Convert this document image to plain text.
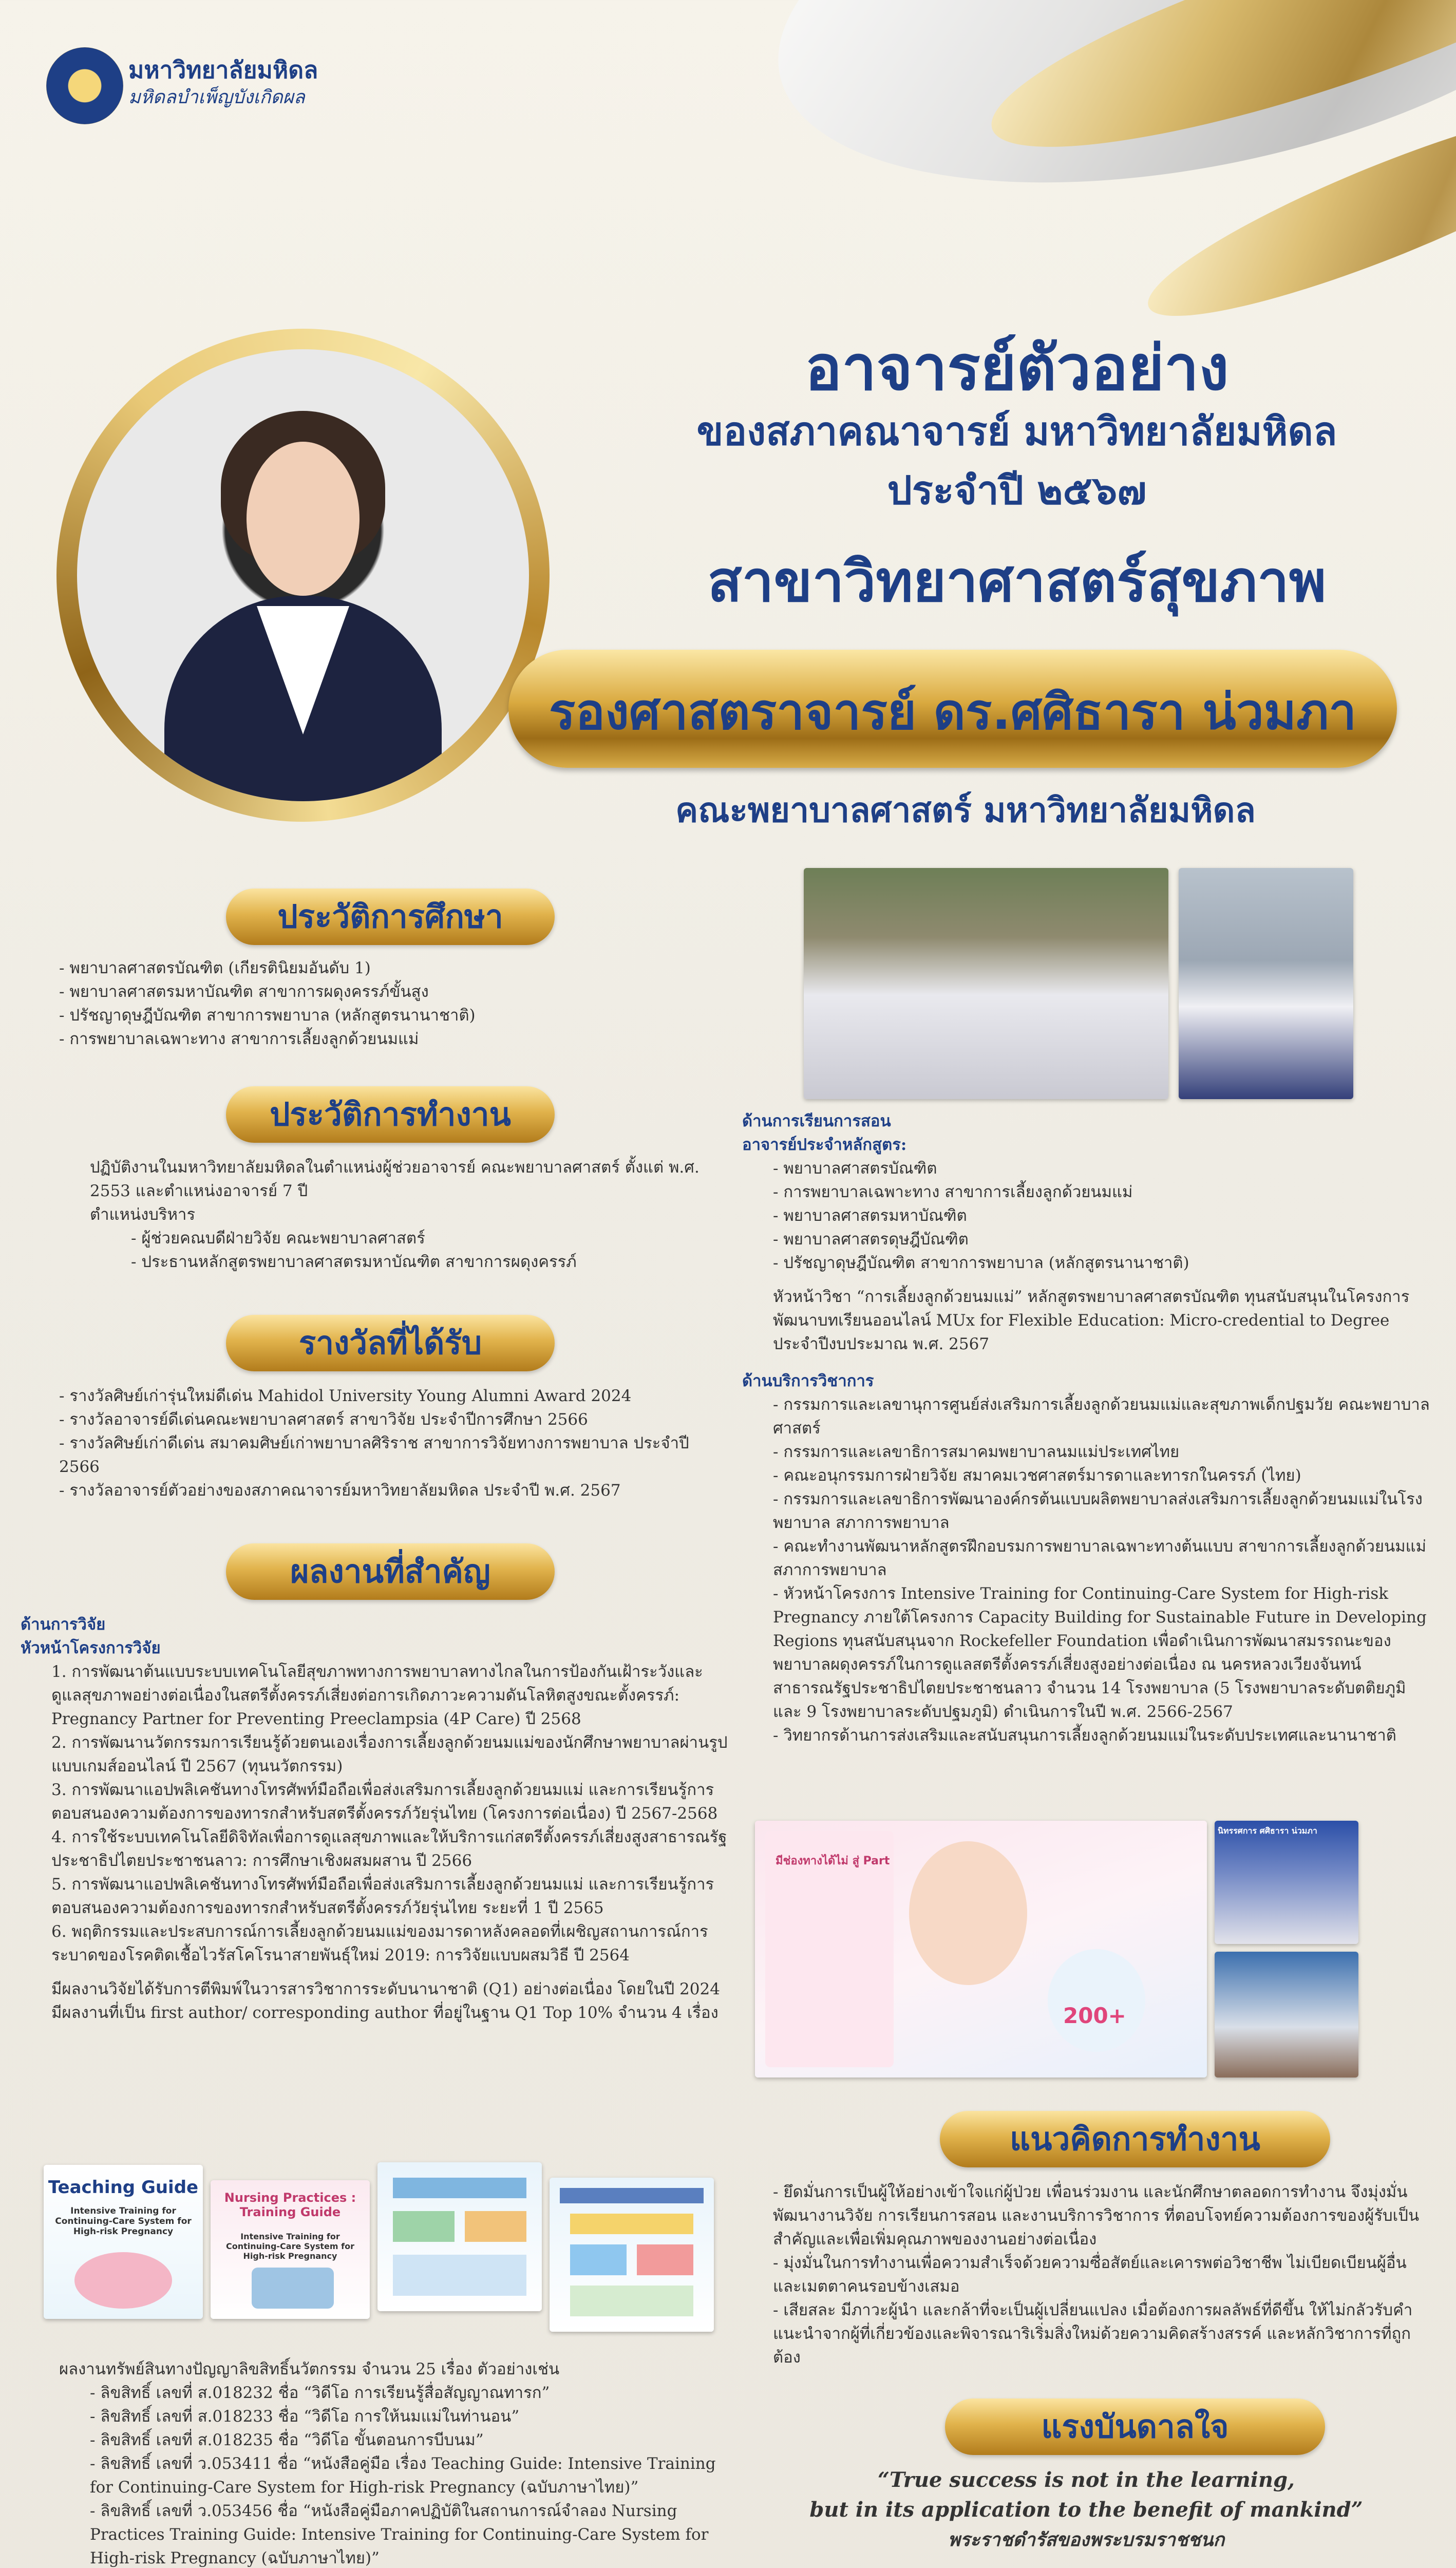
มหาวิทยาลัยมหิดล
มหิดลบำเพ็ญบังเกิดผล
อาจารย์ตัวอย่าง
ของสภาคณาจารย์ มหาวิทยาลัยมหิดล
ประจำปี ๒๕๖๗
สาขาวิทยาศาสตร์สุขภาพ
รองศาสตราจารย์ ดร.ศศิธารา น่วมภา
คณะพยาบาลศาสตร์ มหาวิทยาลัยมหิดล
ประวัติการศึกษา

- พยาบาลศาสตรบัณฑิต (เกียรตินิยมอันดับ 1)

- พยาบาลศาสตรมหาบัณฑิต สาขาการผดุงครรภ์ขั้นสูง

- ปรัชญาดุษฎีบัณฑิต สาขาการพยาบาล (หลักสูตรนานาชาติ)

- การพยาบาลเฉพาะทาง สาขาการเลี้ยงลูกด้วยนมแม่

ประวัติการทำงาน

ปฏิบัติงานในมหาวิทยาลัยมหิดลในตำแหน่งผู้ช่วยอาจารย์ คณะพยาบาลศาสตร์ ตั้งแต่ พ.ศ. 2553 และตำแหน่งอาจารย์ 7 ปี

ตำแหน่งบริหาร

- ผู้ช่วยคณบดีฝ่ายวิจัย คณะพยาบาลศาสตร์

- ประธานหลักสูตรพยาบาลศาสตรมหาบัณฑิต สาขาการผดุงครรภ์

รางวัลที่ได้รับ

- รางวัลศิษย์เก่ารุ่นใหม่ดีเด่น Mahidol University Young Alumni Award 2024

- รางวัลอาจารย์ดีเด่นคณะพยาบาลศาสตร์ สาขาวิจัย ประจำปีการศึกษา 2566

- รางวัลศิษย์เก่าดีเด่น สมาคมศิษย์เก่าพยาบาลศิริราช สาขาการวิจัยทางการพยาบาล ประจำปี 2566

- รางวัลอาจารย์ตัวอย่างของสภาคณาจารย์มหาวิทยาลัยมหิดล ประจำปี พ.ศ. 2567

ผลงานที่สำคัญ

ด้านการวิจัย

หัวหน้าโครงการวิจัย

1. การพัฒนาต้นแบบระบบเทคโนโลยีสุขภาพทางการพยาบาลทางไกลในการป้องกันเฝ้าระวังและดูแลสุขภาพอย่างต่อเนื่องในสตรีตั้งครรภ์เสี่ยงต่อการเกิดภาวะความดันโลหิตสูงขณะตั้งครรภ์: Pregnancy Partner for Preventing Preeclampsia (4P Care) ปี 2568

2. การพัฒนานวัตกรรมการเรียนรู้ด้วยตนเองเรื่องการเลี้ยงลูกด้วยนมแม่ของนักศึกษาพยาบาลผ่านรูปแบบเกมส์ออนไลน์ ปี 2567 (ทุนนวัตกรรม)

3. การพัฒนาแอปพลิเคชันทางโทรศัพท์มือถือเพื่อส่งเสริมการเลี้ยงลูกด้วยนมแม่ และการเรียนรู้การตอบสนองความต้องการของทารกสำหรับสตรีตั้งครรภ์วัยรุ่นไทย (โครงการต่อเนื่อง) ปี 2567-2568

4. การใช้ระบบเทคโนโลยีดิจิทัลเพื่อการดูแลสุขภาพและให้บริการแก่สตรีตั้งครรภ์เสี่ยงสูงสาธารณรัฐประชาธิปไตยประชาชนลาว: การศึกษาเชิงผสมผสาน ปี 2566

5. การพัฒนาแอปพลิเคชันทางโทรศัพท์มือถือเพื่อส่งเสริมการเลี้ยงลูกด้วยนมแม่ และการเรียนรู้การตอบสนองความต้องการของทารกสำหรับสตรีตั้งครรภ์วัยรุ่นไทย ระยะที่ 1 ปี 2565

6. พฤติกรรมและประสบการณ์การเลี้ยงลูกด้วยนมแม่ของมารดาหลังคลอดที่เผชิญสถานการณ์การระบาดของโรคติดเชื้อไวรัสโคโรนาสายพันธุ์ใหม่ 2019: การวิจัยแบบผสมวิธี ปี 2564

มีผลงานวิจัยได้รับการตีพิมพ์ในวารสารวิชาการระดับนานาชาติ (Q1) อย่างต่อเนื่อง โดยในปี 2024 มีผลงานที่เป็น first author/ corresponding author ที่อยู่ในฐาน Q1 Top 10% จำนวน 4 เรื่อง

Teaching Guide
Intensive Training for Continuing-Care System for High-risk Pregnancy
Nursing Practices : Training Guide
Intensive Training for Continuing-Care System for High-risk Pregnancy

ผลงานทรัพย์สินทางปัญญาลิขสิทธิ์นวัตกรรม จำนวน 25 เรื่อง ตัวอย่างเช่น

- ลิขสิทธิ์ เลขที่ ส.018232 ชื่อ “วิดีโอ การเรียนรู้สื่อสัญญาณทารก”

- ลิขสิทธิ์ เลขที่ ส.018233 ชื่อ “วิดีโอ การให้นมแม่ในท่านอน”

- ลิขสิทธิ์ เลขที่ ส.018235 ชื่อ “วิดีโอ ขั้นตอนการบีบนม”

- ลิขสิทธิ์ เลขที่ ว.053411 ชื่อ “หนังสือคู่มือ เรื่อง Teaching Guide: Intensive Training for Continuing-Care System for High-risk Pregnancy (ฉบับภาษาไทย)”

- ลิขสิทธิ์ เลขที่ ว.053456 ชื่อ “หนังสือคู่มือภาคปฏิบัติในสถานการณ์จำลอง Nursing Practices Training Guide: Intensive Training for Continuing-Care System for High-risk Pregnancy (ฉบับภาษาไทย)”

ด้านการเรียนการสอน

อาจารย์ประจำหลักสูตร:

- พยาบาลศาสตรบัณฑิต

- การพยาบาลเฉพาะทาง สาขาการเลี้ยงลูกด้วยนมแม่

- พยาบาลศาสตรมหาบัณฑิต

- พยาบาลศาสตรดุษฎีบัณฑิต

- ปรัชญาดุษฎีบัณฑิต สาขาการพยาบาล (หลักสูตรนานาชาติ)

หัวหน้าวิชา “การเลี้ยงลูกด้วยนมแม่” หลักสูตรพยาบาลศาสตรบัณฑิต ทุนสนับสนุนในโครงการพัฒนาบทเรียนออนไลน์ MUx for Flexible Education: Micro-credential to Degree ประจำปีงบประมาณ พ.ศ. 2567

ด้านบริการวิชาการ

- กรรมการและเลขานุการศูนย์ส่งเสริมการเลี้ยงลูกด้วยนมแม่และสุขภาพเด็กปฐมวัย คณะพยาบาลศาสตร์

- กรรมการและเลขาธิการสมาคมพยาบาลนมแม่ประเทศไทย

- คณะอนุกรรมการฝ่ายวิจัย สมาคมเวชศาสตร์มารดาและทารกในครรภ์ (ไทย)

- กรรมการและเลขาธิการพัฒนาองค์กรต้นแบบผลิตพยาบาลส่งเสริมการเลี้ยงลูกด้วยนมแม่ในโรงพยาบาล สภาการพยาบาล

- คณะทำงานพัฒนาหลักสูตรฝึกอบรมการพยาบาลเฉพาะทางต้นแบบ สาขาการเลี้ยงลูกด้วยนมแม่ สภาการพยาบาล

- หัวหน้าโครงการ Intensive Training for Continuing-Care System for High-risk Pregnancy ภายใต้โครงการ Capacity Building for Sustainable Future in Developing Regions ทุนสนับสนุนจาก Rockefeller Foundation เพื่อดำเนินการพัฒนาสมรรถนะของพยาบาลผดุงครรภ์ในการดูแลสตรีตั้งครรภ์เสี่ยงสูงอย่างต่อเนื่อง ณ นครหลวงเวียงจันทน์ สาธารณรัฐประชาธิปไตยประชาชนลาว จำนวน 14 โรงพยาบาล (5 โรงพยาบาลระดับตติยภูมิ และ 9 โรงพยาบาลระดับปฐมภูมิ) ดำเนินการในปี พ.ศ. 2566-2567

- วิทยากรด้านการส่งเสริมและสนับสนุนการเลี้ยงลูกด้วยนมแม่ในระดับประเทศและนานาชาติ

มีช่องทางได้ไม่ สู่ Part
200+
นิทรรศการ ศศิธารา น่วมภา
แนวคิดการทำงาน

- ยึดมั่นการเป็นผู้ให้อย่างเข้าใจแก่ผู้ป่วย เพื่อนร่วมงาน และนักศึกษาตลอดการทำงาน จึงมุ่งมั่นพัฒนางานวิจัย การเรียนการสอน และงานบริการวิชาการ ที่ตอบโจทย์ความต้องการของผู้รับเป็นสำคัญและเพื่อเพิ่มคุณภาพของงานอย่างต่อเนื่อง

- มุ่งมั่นในการทำงานเพื่อความสำเร็จด้วยความซื่อสัตย์และเคารพต่อวิชาชีพ ไม่เบียดเบียนผู้อื่น และเมตตาคนรอบข้างเสมอ

- เสียสละ มีภาวะผู้นำ และกล้าที่จะเป็นผู้เปลี่ยนแปลง เมื่อต้องการผลลัพธ์ที่ดีขึ้น ให้ไม่กลัวรับคำแนะนำจากผู้ที่เกี่ยวข้องและพิจารณาริเริ่มสิ่งใหม่ด้วยความคิดสร้างสรรค์ และหลักวิชาการที่ถูกต้อง

แรงบันดาลใจ
“True success is not in the learning,
but in its application to the benefit of mankind”
พระราชดำรัสของพระบรมราชชนก
